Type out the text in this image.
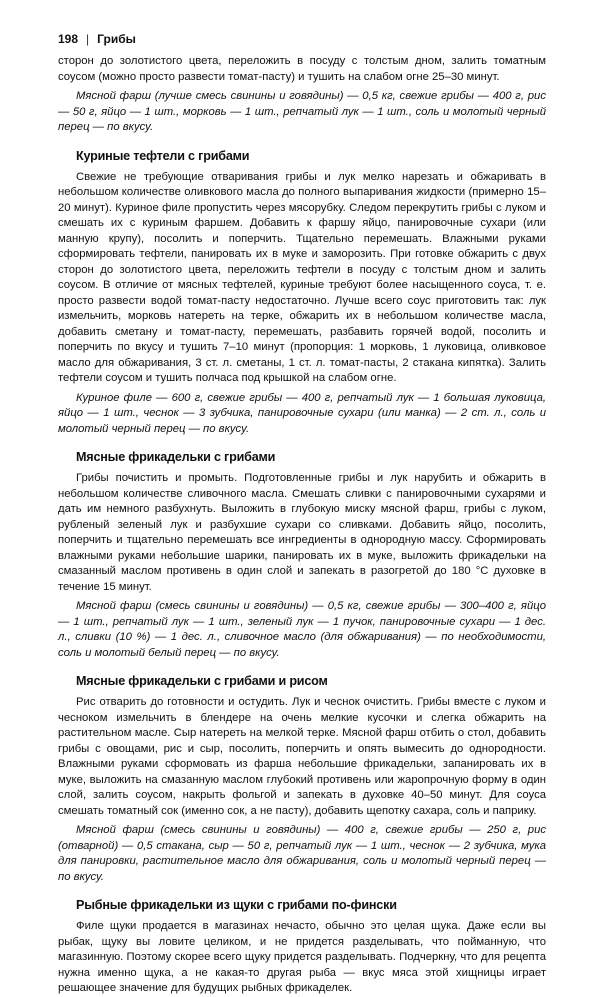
198 | Грибы

сторон до золотистого цвета, переложить в посуду с толстым дном, залить томатным соусом (можно просто развести томат-пасту) и тушить на слабом огне 25–30 минут.

Мясной фарш (лучше смесь свинины и говядины) — 0,5 кг, свежие грибы — 400 г, рис — 50 г, яйцо — 1 шт., морковь — 1 шт., репчатый лук — 1 шт., соль и молотый черный перец — по вкусу.

Куриные тефтели с грибами

Свежие не требующие отваривания грибы и лук мелко нарезать и обжаривать в небольшом количестве оливкового масла до полного выпаривания жидкости (примерно 15–20 минут). Куриное филе пропустить через мясорубку. Следом перекрутить грибы с луком и смешать их с куриным фаршем. Добавить к фаршу яйцо, панировочные сухари (или манную крупу), посолить и поперчить. Тщательно перемешать. Влажными руками сформировать тефтели, панировать их в муке и заморозить. При готовке обжарить с двух сторон до золотистого цвета, переложить тефтели в посуду с толстым дном и залить соусом. В отличие от мясных тефтелей, куриные требуют более насыщенного соуса, т. е. просто развести водой томат-пасту недостаточно. Лучше всего соус приготовить так: лук измельчить, морковь натереть на терке, обжарить их в небольшом количестве масла, добавить сметану и томат-пасту, перемешать, разбавить горячей водой, посолить и поперчить по вкусу и тушить 7–10 минут (пропорция: 1 морковь, 1 луковица, оливковое масло для обжаривания, 3 ст. л. сметаны, 1 ст. л. томат-пасты, 2 стакана кипятка). Залить тефтели соусом и тушить полчаса под крышкой на слабом огне.

Куриное филе — 600 г, свежие грибы — 400 г, репчатый лук — 1 большая луковица, яйцо — 1 шт., чеснок — 3 зубчика, панировочные сухари (или манка) — 2 ст. л., соль и молотый черный перец — по вкусу.

Мясные фрикадельки с грибами

Грибы почистить и промыть. Подготовленные грибы и лук нарубить и обжарить в небольшом количестве сливочного масла. Смешать сливки с панировочными сухарями и дать им немного разбухнуть. Выложить в глубокую миску мясной фарш, грибы с луком, рубленый зеленый лук и разбухшие сухари со сливками. Добавить яйцо, посолить, поперчить и тщательно перемешать все ингредиенты в однородную массу. Сформировать влажными руками небольшие шарики, панировать их в муке, выложить фрикадельки на смазанный маслом противень в один слой и запекать в разогретой до 180 °С духовке в течение 15 минут.

Мясной фарш (смесь свинины и говядины) — 0,5 кг, свежие грибы — 300–400 г, яйцо — 1 шт., репчатый лук — 1 шт., зеленый лук — 1 пучок, панировочные сухари — 1 дес. л., сливки (10 %) — 1 дес. л., сливочное масло (для обжаривания) — по необходимости, соль и молотый белый перец — по вкусу.

Мясные фрикадельки с грибами и рисом

Рис отварить до готовности и остудить. Лук и чеснок очистить. Грибы вместе с луком и чесноком измельчить в блендере на очень мелкие кусочки и слегка обжарить на растительном масле. Сыр натереть на мелкой терке. Мясной фарш отбить о стол, добавить грибы с овощами, рис и сыр, посолить, поперчить и опять вымесить до однородности. Влажными руками сформовать из фарша небольшие фрикадельки, запанировать их в муке, выложить на смазанную маслом глубокий противень или жаропрочную форму в один слой, залить соусом, накрыть фольгой и запекать в духовке 40–50 минут. Для соуса смешать томатный сок (именно сок, а не пасту), добавить щепотку сахара, соль и паприку.

Мясной фарш (смесь свинины и говядины) — 400 г, свежие грибы — 250 г, рис (отварной) — 0,5 стакана, сыр — 50 г, репчатый лук — 1 шт., чеснок — 2 зубчика, мука для панировки, растительное масло для обжаривания, соль и молотый черный перец — по вкусу.

Рыбные фрикадельки из щуки с грибами по-фински

Филе щуки продается в магазинах нечасто, обычно это целая щука. Даже если вы рыбак, щуку вы ловите целиком, и не придется разделывать, что пойманную, что магазинную. Поэтому скорее всего щуку придется разделывать. Подчеркну, что для рецепта нужна именно щука, а не какая-то другая рыба — вкус мяса этой хищницы играет решающее значение для будущих рыбных фрикаделек.
